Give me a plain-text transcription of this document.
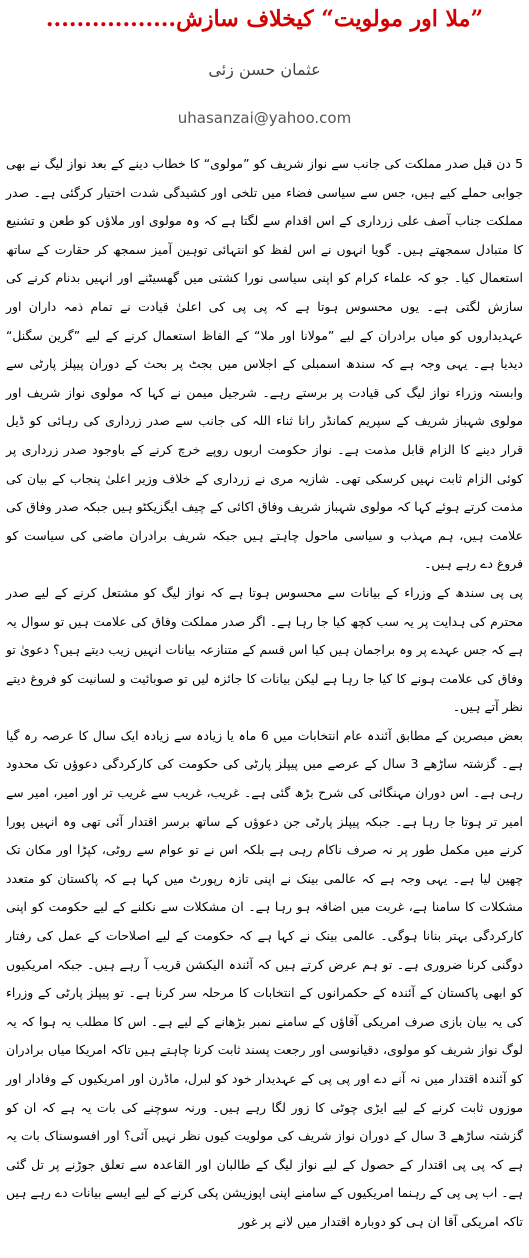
”ملا اور مولویت“ کیخلاف سازش.................
عثمان حسن زئی
uhasanzai@yahoo.com

5 دن قبل صدر مملکت کی جانب سے نواز شریف کو ”مولوی“ کا خطاب دینے کے بعد نواز لیگ نے بھی جوابی حملے کیے ہیں، جس سے سیاسی فضاء میں تلخی اور کشیدگی شدت اختیار کرگئی ہے۔ صدر مملکت جناب آصف علی زرداری کے اس اقدام سے لگتا ہے کہ وہ مولوی اور ملاؤں کو طعن و تشنیع کا متبادل سمجھتے ہیں۔ گویا انہوں نے اس لفظ کو انتہائی توہین آمیز سمجھ کر حقارت کے ساتھ استعمال کیا۔ جو کہ علماء کرام کو اپنی سیاسی نورا کشتی میں گھسیٹنے اور انہیں بدنام کرنے کی سازش لگتی ہے۔ یوں محسوس ہوتا ہے کہ پی پی کی اعلیٰ قیادت نے تمام ذمہ داران اور عہدیداروں کو میاں برادران کے لیے ”مولانا اور ملا“ کے الفاظ استعمال کرنے کے لیے ”گرین سگنل“ دیدیا ہے۔ یہی وجہ ہے کہ سندھ اسمبلی کے اجلاس میں بجٹ پر بحث کے دوران پیپلز پارٹی سے وابستہ وزراء نواز لیگ کی قیادت پر برستے رہے۔ شرجیل میمن نے کہا کہ مولوی نواز شریف اور مولوی شہباز شریف کے سپریم کمانڈر رانا ثناء اللہ کی جانب سے صدر زرداری کی رہائی کو ڈیل قرار دینے کا الزام قابل مذمت ہے۔ نواز حکومت اربوں روپے خرچ کرنے کے باوجود صدر زرداری پر کوئی الزام ثابت نہیں کرسکی تھی۔ شازیہ مری نے زرداری کے خلاف وزیر اعلیٰ پنجاب کے بیان کی مذمت کرتے ہوئے کہا کہ مولوی شہباز شریف وفاق اکائی کے چیف ایگزیکٹو ہیں جبکہ صدر وفاق کی علامت ہیں، ہم مہذب و سیاسی ماحول چاہتے ہیں جبکہ شریف برادران ماضی کی سیاست کو فروغ دے رہے ہیں۔

پی پی سندھ کے وزراء کے بیانات سے محسوس ہوتا ہے کہ نواز لیگ کو مشتعل کرنے کے لیے صدر محترم کی ہدایت پر یہ سب کچھ کیا جا رہا ہے۔ اگر صدر مملکت وفاق کی علامت ہیں تو سوال یہ ہے کہ جس عہدے پر وہ براجمان ہیں کیا اس قسم کے متنازعہ بیانات انہیں زیب دیتے ہیں؟ دعویٰ تو وفاق کی علامت ہونے کا کیا جا رہا ہے لیکن بیانات کا جائزہ لیں تو صوبائیت و لسانیت کو فروغ دیتے نظر آتے ہیں۔

بعض مبصرین کے مطابق آئندہ عام انتخابات میں 6 ماہ یا زیادہ سے زیادہ ایک سال کا عرصہ رہ گیا ہے۔ گزشتہ ساڑھے 3 سال کے عرصے میں پیپلز پارٹی کی حکومت کی کارکردگی دعوؤں تک محدود رہی ہے۔ اس دوران مہنگائی کی شرح بڑھ گئی ہے۔ غریب، غریب سے غریب تر اور امیر، امیر سے امیر تر ہوتا جا رہا ہے۔ جبکہ پیپلز پارٹی جن دعوؤں کے ساتھ برسر اقتدار آئی تھی وہ انہیں پورا کرنے میں مکمل طور پر نہ صرف ناکام رہی ہے بلکہ اس نے تو عوام سے روٹی، کپڑا اور مکان تک چھین لیا ہے۔ یہی وجہ ہے کہ عالمی بینک نے اپنی تازہ رپورٹ میں کہا ہے کہ پاکستان کو متعدد مشکلات کا سامنا ہے، غربت میں اضافہ ہو رہا ہے۔ ان مشکلات سے نکلنے کے لیے حکومت کو اپنی کارکردگی بہتر بنانا ہوگی۔ عالمی بینک نے کہا ہے کہ حکومت کے لیے اصلاحات کے عمل کی رفتار دوگنی کرنا ضروری ہے۔ تو ہم عرض کرتے ہیں کہ آئندہ الیکشن قریب آ رہے ہیں۔ جبکہ امریکیوں کو ابھی پاکستان کے آئندہ کے حکمرانوں کے انتخابات کا مرحلہ سر کرنا ہے۔ تو پیپلز پارٹی کے وزراء کی یہ بیان بازی صرف امریکی آقاؤں کے سامنے نمبر بڑھانے کے لیے ہے۔ اس کا مطلب یہ ہوا کہ یہ لوگ نواز شریف کو مولوی، دقیانوسی اور رجعت پسند ثابت کرنا چاہتے ہیں تاکہ امریکا میاں برادران کو آئندہ اقتدار میں نہ آنے دے اور پی پی کے عہدیدار خود کو لبرل، ماڈرن اور امریکیوں کے وفادار اور موزوں ثابت کرنے کے لیے ایڑی چوٹی کا زور لگا رہے ہیں۔ ورنہ سوچنے کی بات یہ ہے کہ ان کو گزشتہ ساڑھے 3 سال کے دوران نواز شریف کی مولویت کیوں نظر نہیں آئی؟ اور افسوسناک بات یہ ہے کہ پی پی اقتدار کے حصول کے لیے نواز لیگ کے طالبان اور القاعدہ سے تعلق جوڑنے پر تل گئی ہے۔ اب پی پی کے رہنما امریکیوں کے سامنے اپنی اپوزیشن پکی کرنے کے لیے ایسے بیانات دے رہے ہیں تاکہ امریکی آقا ان ہی کو دوبارہ اقتدار میں لانے پر غور
